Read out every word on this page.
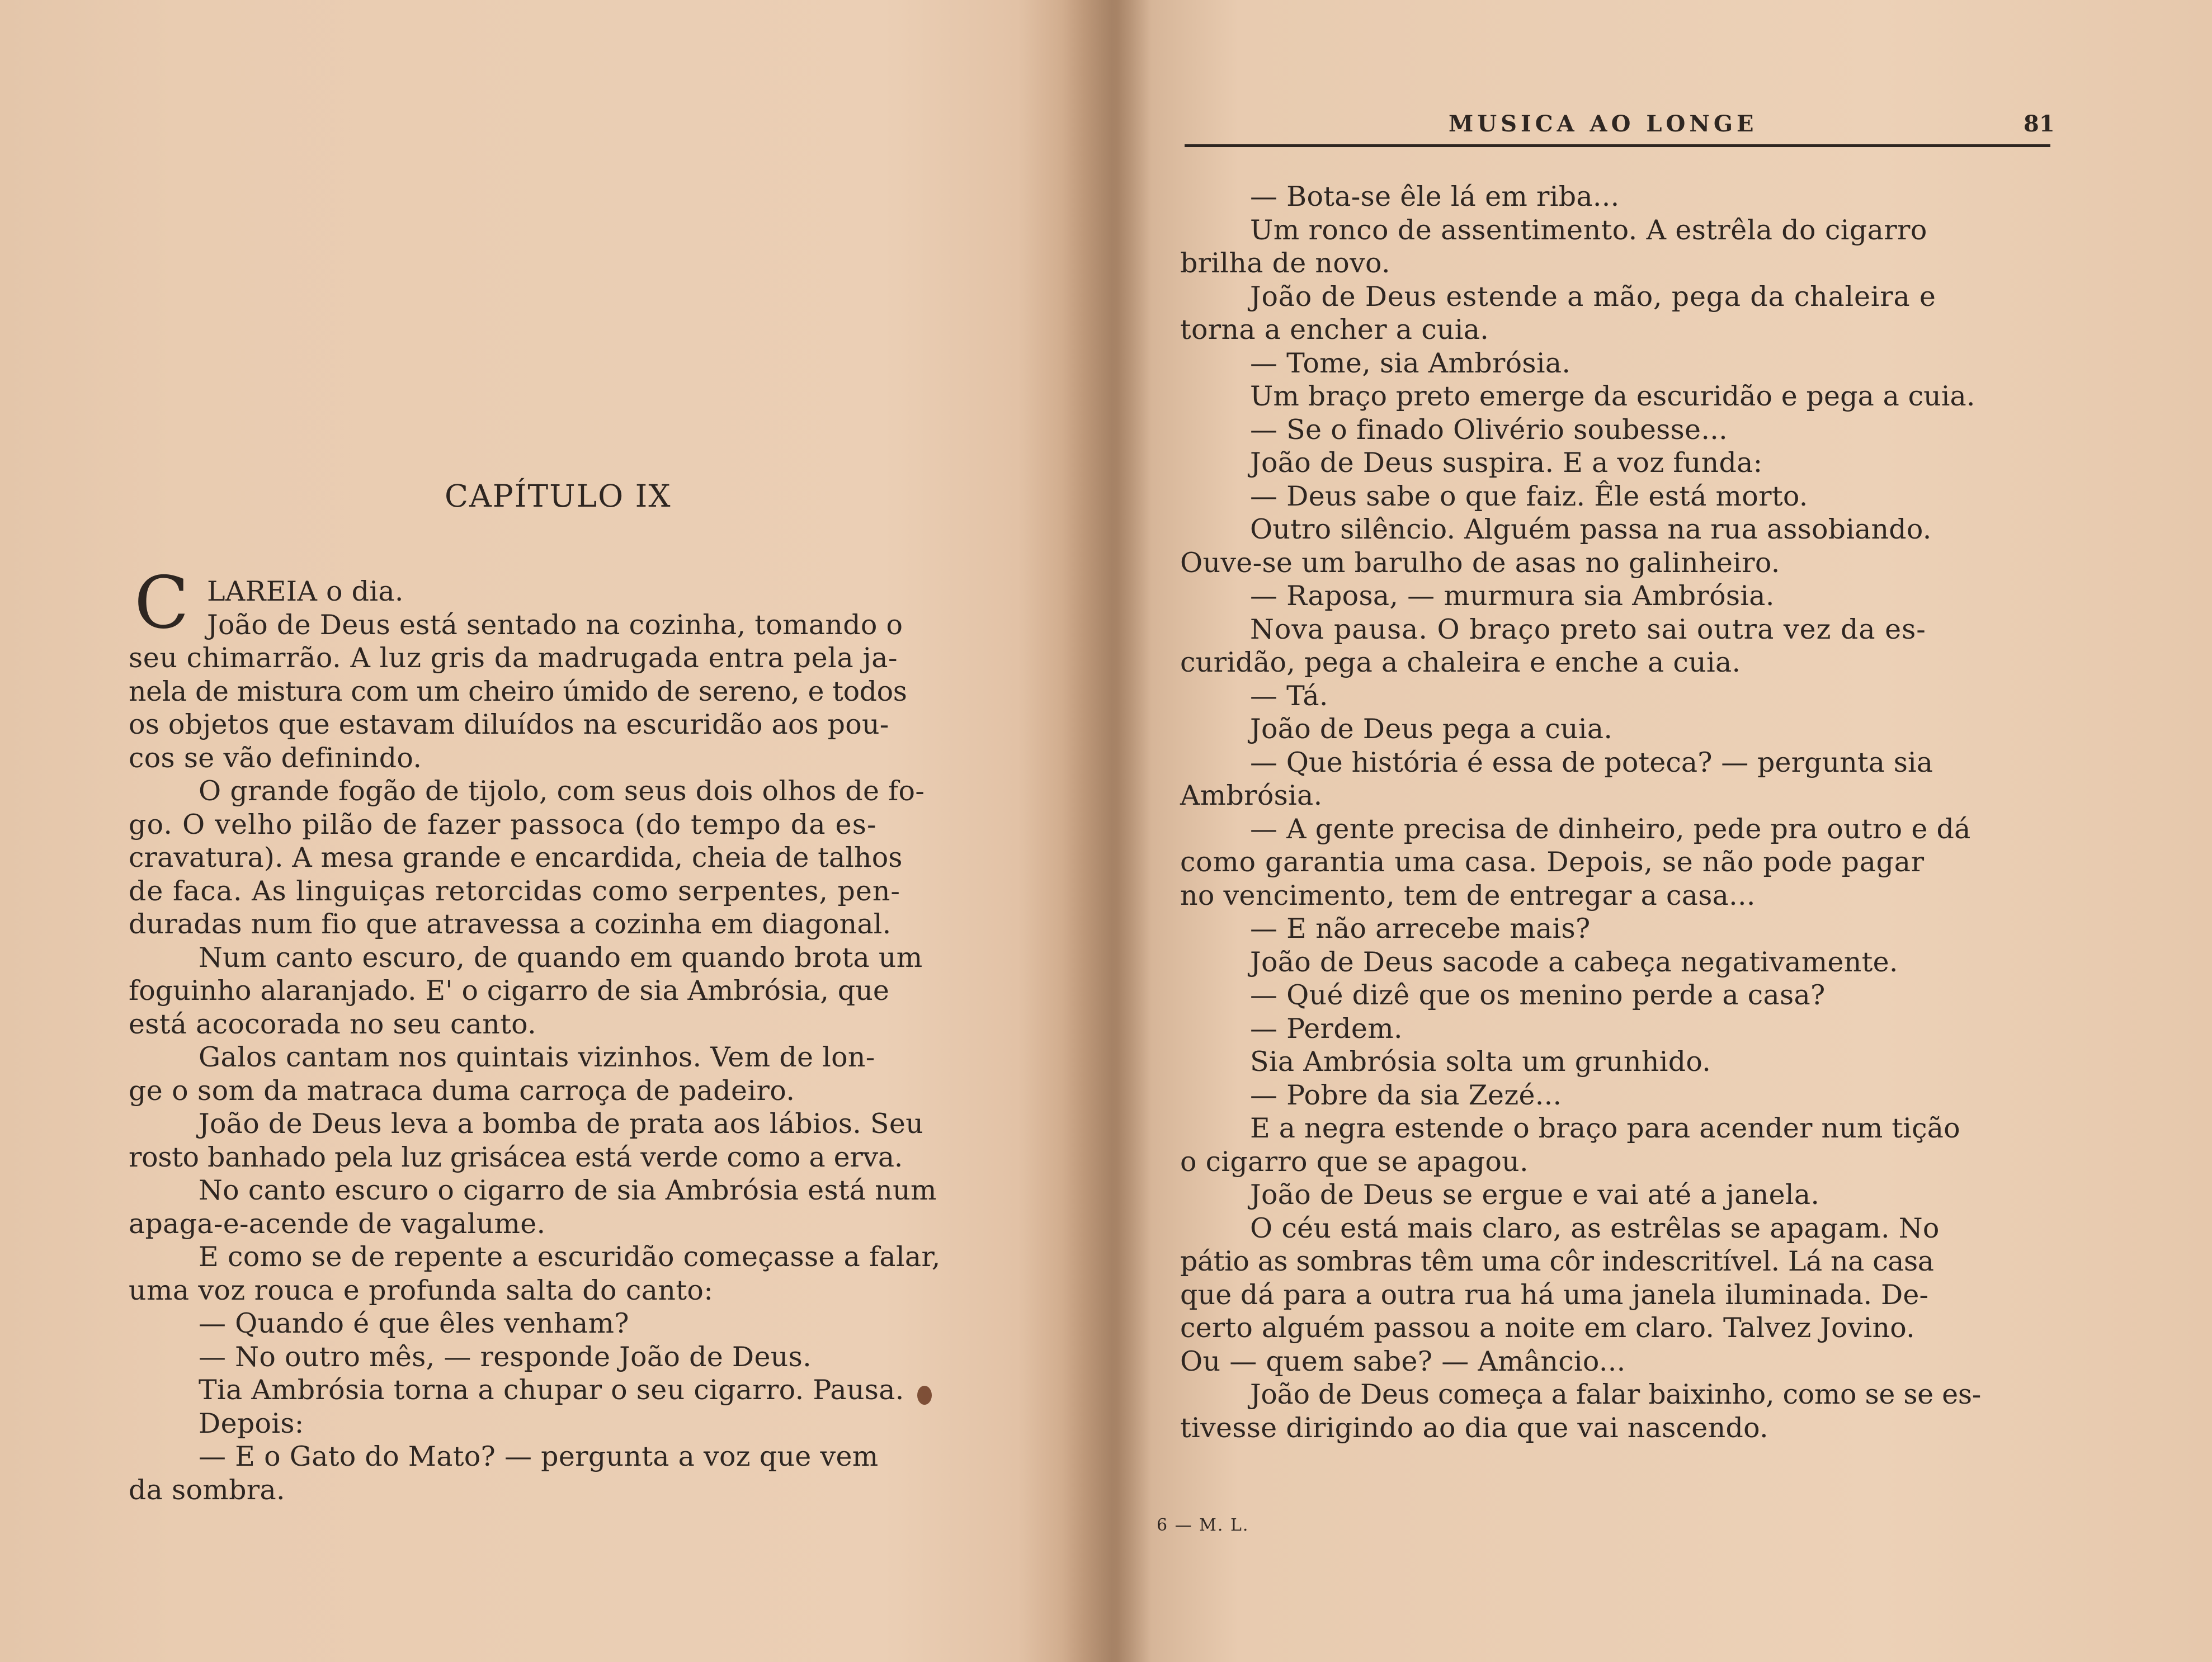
CAPÍTULO IX
C LAREIA o dia.
João de Deus está sentado na cozinha, tomando o
seu chimarrão. A luz gris da madrugada entra pela ja-
nela de mistura com um cheiro úmido de sereno, e todos
os objetos que estavam diluídos na escuridão aos pou-
cos se vão definindo.
O grande fogão de tijolo, com seus dois olhos de fo-
go. O velho pilão de fazer passoca (do tempo da es-
cravatura). A mesa grande e encardida, cheia de talhos
de faca. As linguiças retorcidas como serpentes, pen-
duradas num fio que atravessa a cozinha em diagonal.
Num canto escuro, de quando em quando brota um
foguinho alaranjado. E' o cigarro de sia Ambrósia, que
está acocorada no seu canto.
Galos cantam nos quintais vizinhos. Vem de lon-
ge o som da matraca duma carroça de padeiro.
João de Deus leva a bomba de prata aos lábios. Seu
rosto banhado pela luz grisácea está verde como a erva.
No canto escuro o cigarro de sia Ambrósia está num
apaga-e-acende de vagalume.
E como se de repente a escuridão começasse a falar,
uma voz rouca e profunda salta do canto:
— Quando é que êles venham?
— No outro mês, — responde João de Deus.
Tia Ambrósia torna a chupar o seu cigarro. Pausa.
Depois:
— E o Gato do Mato? — pergunta a voz que vem
da sombra.
MUSICA AO LONGE	81
— Bota-se êle lá em riba...
Um ronco de assentimento. A estrêla do cigarro
brilha de novo.
João de Deus estende a mão, pega da chaleira e
torna a encher a cuia.
— Tome, sia Ambrósia.
Um braço preto emerge da escuridão e pega a cuia.
— Se o finado Olivério soubesse...
João de Deus suspira. E a voz funda:
— Deus sabe o que faiz. Êle está morto.
Outro silêncio. Alguém passa na rua assobiando.
Ouve-se um barulho de asas no galinheiro.
— Raposa, — murmura sia Ambrósia.
Nova pausa. O braço preto sai outra vez da es-
curidão, pega a chaleira e enche a cuia.
— Tá.
João de Deus pega a cuia.
— Que história é essa de poteca? — pergunta sia
Ambrósia.
— A gente precisa de dinheiro, pede pra outro e dá
como garantia uma casa. Depois, se não pode pagar
no vencimento, tem de entregar a casa...
— E não arrecebe mais?
João de Deus sacode a cabeça negativamente.
— Qué dizê que os menino perde a casa?
— Perdem.
Sia Ambrósia solta um grunhido.
— Pobre da sia Zezé...
E a negra estende o braço para acender num tição
o cigarro que se apagou.
João de Deus se ergue e vai até a janela.
O céu está mais claro, as estrêlas se apagam. No
pátio as sombras têm uma côr indescritível. Lá na casa
que dá para a outra rua há uma janela iluminada. De-
certo alguém passou a noite em claro. Talvez Jovino.
Ou — quem sabe? — Amâncio...
João de Deus começa a falar baixinho, como se se es-
tivesse dirigindo ao dia que vai nascendo.
6 — M. L.
